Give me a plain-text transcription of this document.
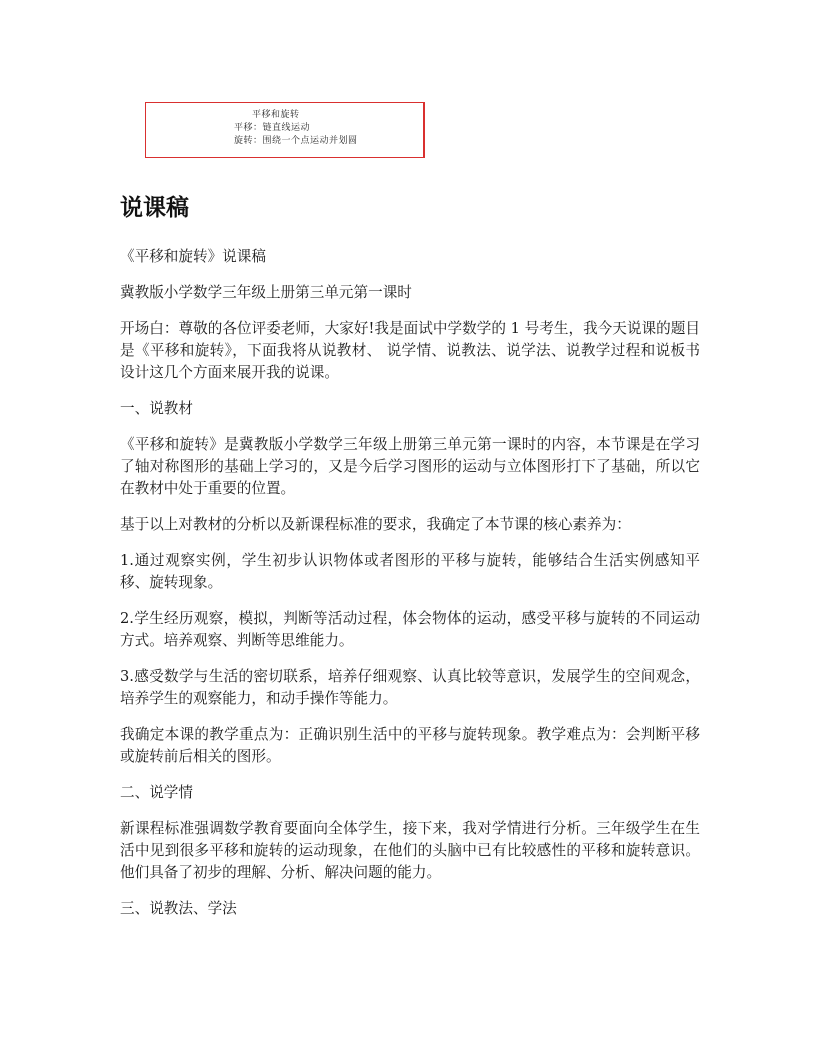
平移和旋转
平移：链直线运动
旋转：围绕一个点运动并划圆
说课稿

《平移和旋转》说课稿

冀教版小学数学三年级上册第三单元第一课时

开场白：尊敬的各位评委老师，大家好!我是面试中学数学的 1 号考生，我今天说课的题目是《平移和旋转》，下面我将从说教材、 说学情、说教法、说学法、说教学过程和说板书设计这几个方面来展开我的说课。

一、说教材

《平移和旋转》是冀教版小学数学三年级上册第三单元第一课时的内容，本节课是在学习了轴对称图形的基础上学习的，又是今后学习图形的运动与立体图形打下了基础，所以它在教材中处于重要的位置。

基于以上对教材的分析以及新课程标准的要求，我确定了本节课的核心素养为：

1.通过观察实例，学生初步认识物体或者图形的平移与旋转，能够结合生活实例感知平移、旋转现象。

2.学生经历观察，模拟，判断等活动过程，体会物体的运动，感受平移与旋转的不同运动方式。培养观察、判断等思维能力。

3.感受数学与生活的密切联系，培养仔细观察、认真比较等意识，发展学生的空间观念，培养学生的观察能力，和动手操作等能力。

我确定本课的教学重点为：正确识别生活中的平移与旋转现象。教学难点为：会判断平移或旋转前后相关的图形。

二、说学情

新课程标准强调数学教育要面向全体学生，接下来，我对学情进行分析。三年级学生在生活中见到很多平移和旋转的运动现象，在他们的头脑中已有比较感性的平移和旋转意识。他们具备了初步的理解、分析、解决问题的能力。

三、说教法、学法
